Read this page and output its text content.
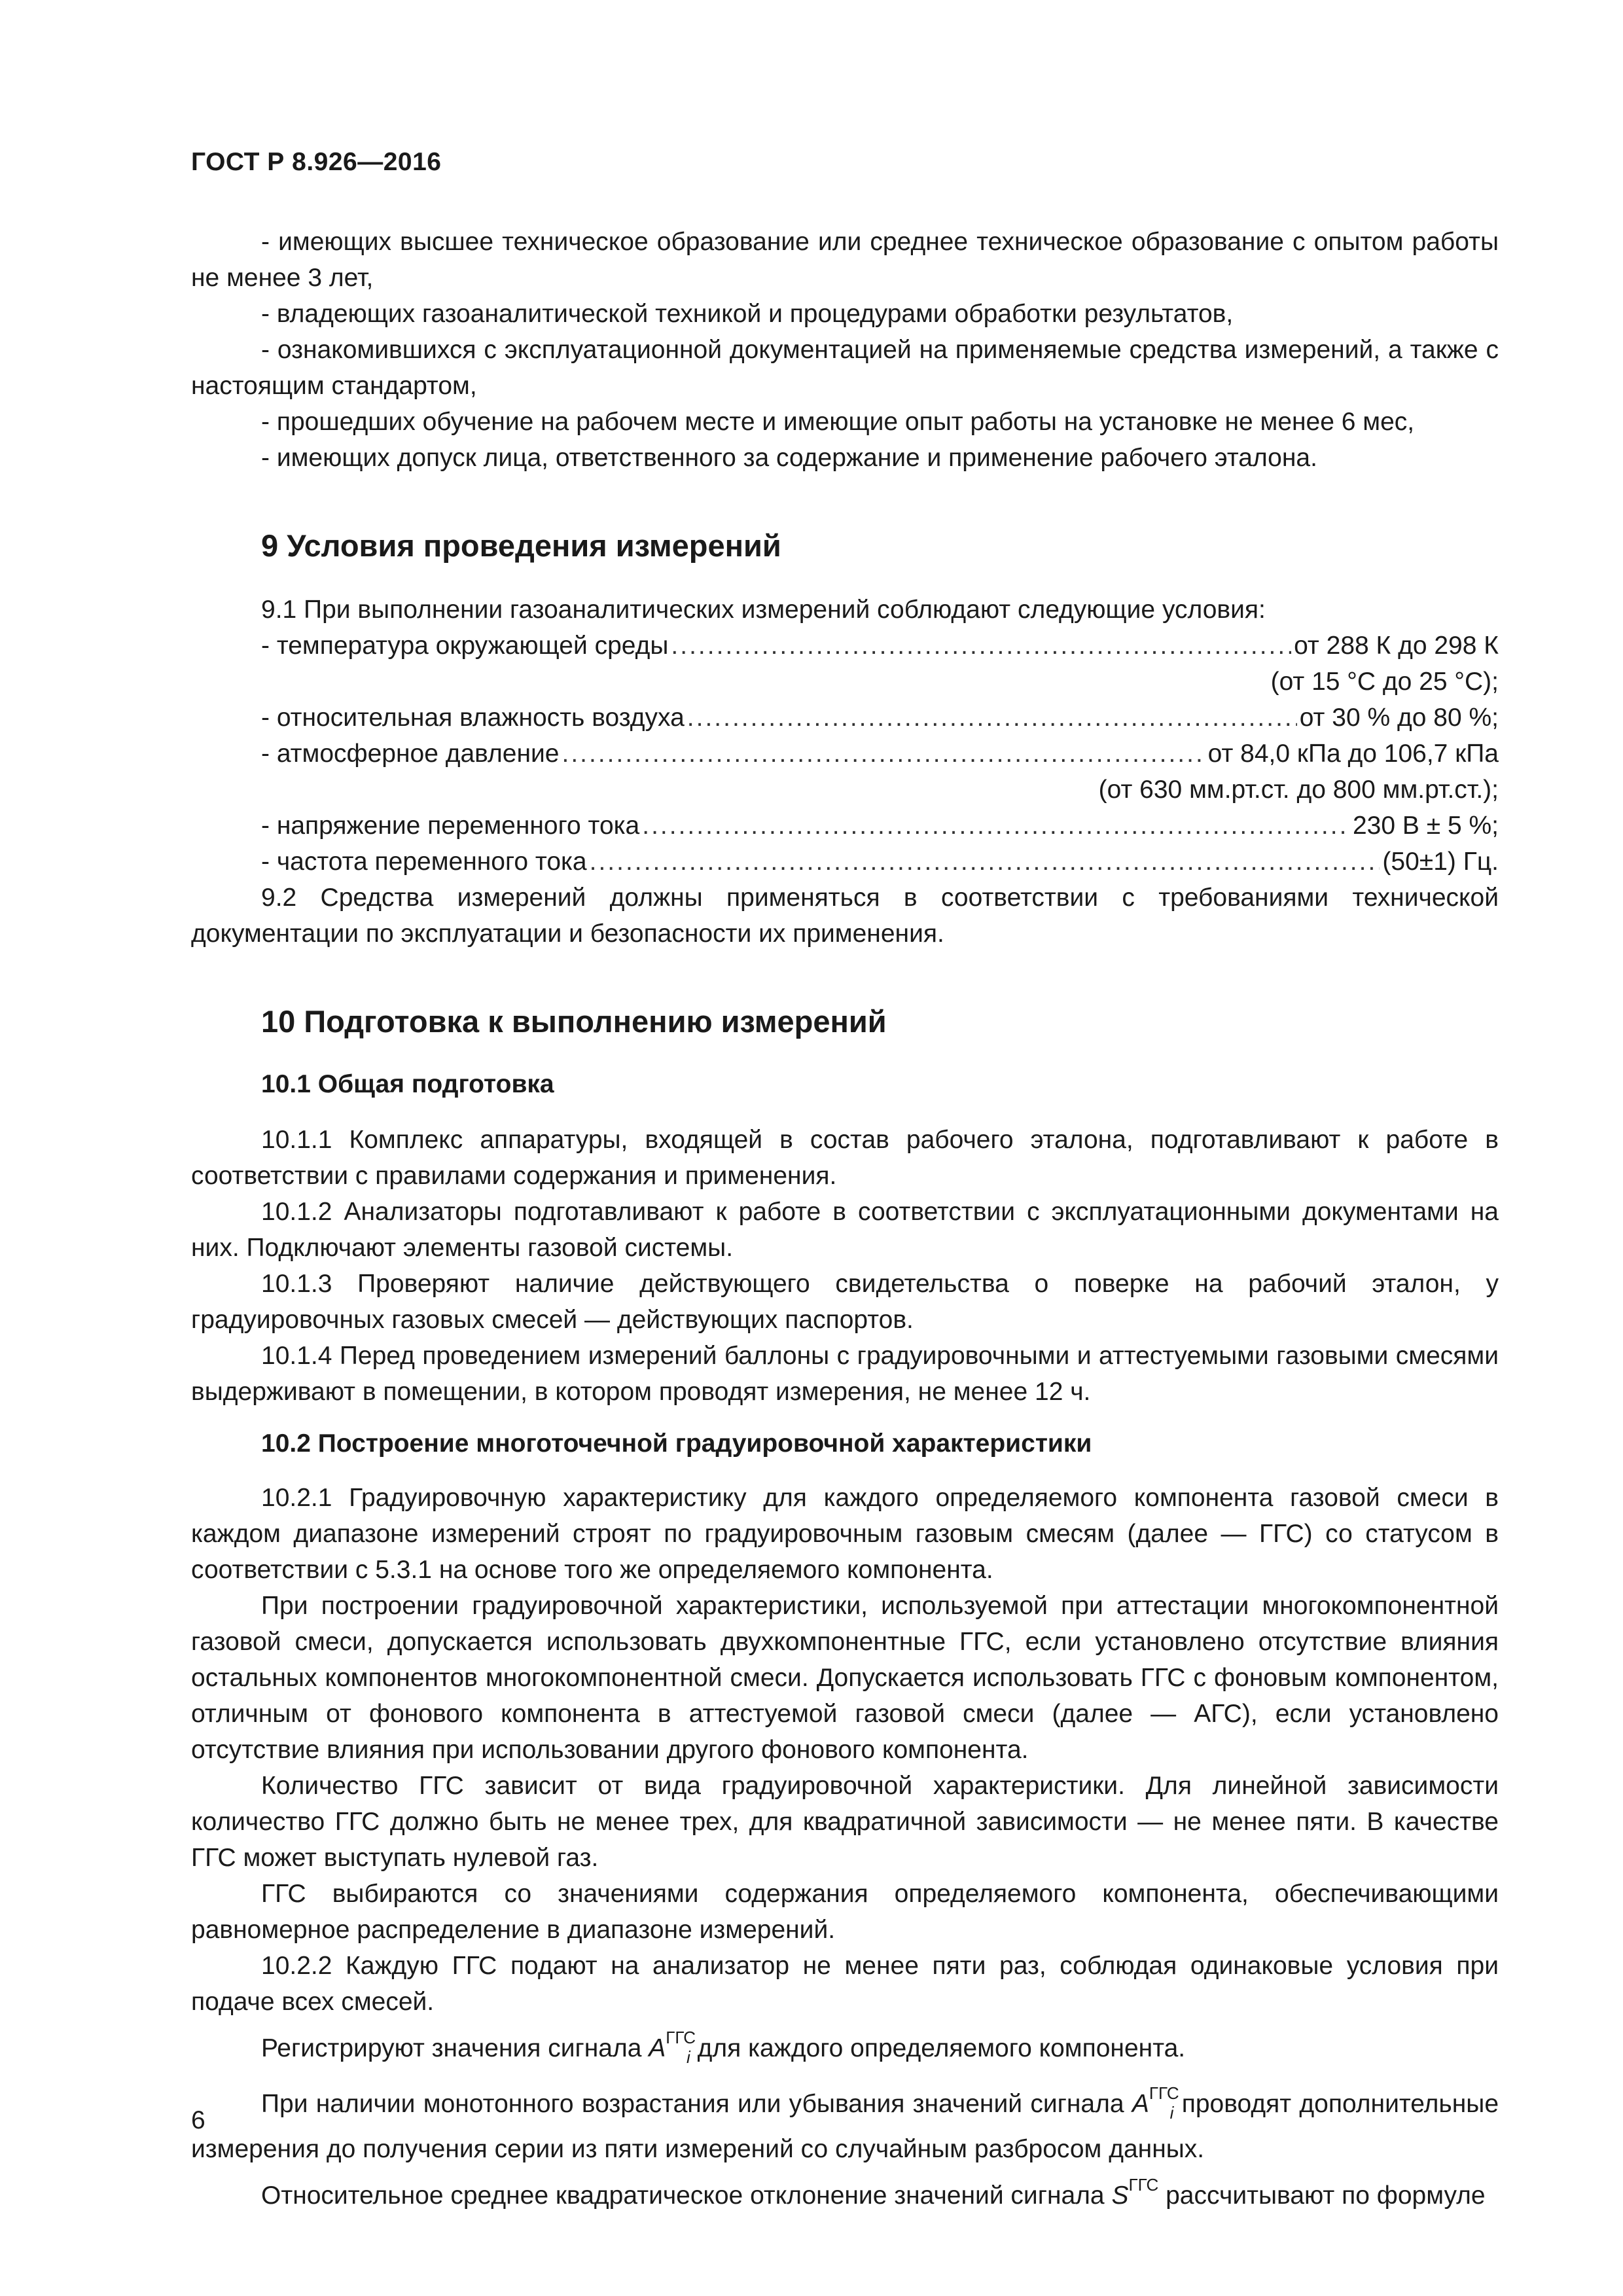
ГОСТ Р 8.926—2016

- имеющих высшее техническое образование или среднее техническое образование с опытом работы не менее 3 лет,

- владеющих газоаналитической техникой и процедурами обработки результатов,

- ознакомившихся с эксплуатационной документацией на применяемые средства измерений, а также с настоящим стандартом,

- прошедших обучение на рабочем месте и имеющие опыт работы на установке не менее 6 мес,

- имеющих допуск лица, ответственного за содержание и применение рабочего эталона.

9 Условия проведения измерений

9.1 При выполнении газоаналитических измерений соблюдают следующие условия:

- температура окружающей среды .....	от 288 К до 298 К

(от 15 °С до 25 °С);

- относительная влажность воздуха .....	от 30 % до 80 %;
- атмосферное давление .....	от 84,0 кПа до 106,7 кПа

(от 630 мм.рт.ст. до 800 мм.рт.ст.);

- напряжение переменного тока .....	230 В ± 5 %;
- частота переменного тока .....	(50±1) Гц.

9.2 Средства измерений должны применяться в соответствии с требованиями технической документации по эксплуатации и безопасности их применения.

10 Подготовка к выполнению измерений
10.1 Общая подготовка

10.1.1 Комплекс аппаратуры, входящей в состав рабочего эталона, подготавливают к работе в соответствии с правилами содержания и применения.

10.1.2 Анализаторы подготавливают к работе в соответствии с эксплуатационными документами на них. Подключают элементы газовой системы.

10.1.3 Проверяют наличие действующего свидетельства о поверке на рабочий эталон, у градуировочных газовых смесей — действующих паспортов.

10.1.4 Перед проведением измерений баллоны с градуировочными и аттестуемыми газовыми смесями выдерживают в помещении, в котором проводят измерения, не менее 12 ч.

10.2 Построение многоточечной градуировочной характеристики

10.2.1 Градуировочную характеристику для каждого определяемого компонента газовой смеси в каждом диапазоне измерений строят по градуировочным газовым смесям (далее — ГГС) со статусом в соответствии с 5.3.1 на основе того же определяемого компонента.

При построении градуировочной характеристики, используемой при аттестации многокомпонентной газовой смеси, допускается использовать двухкомпонентные ГГС, если установлено отсутствие влияния остальных компонентов многокомпонентной смеси. Допускается использовать ГГС с фоновым компонентом, отличным от фонового компонента в аттестуемой газовой смеси (далее — АГС), если установлено отсутствие влияния при использовании другого фонового компонента.

Количество ГГС зависит от вида градуировочной характеристики. Для линейной зависимости количество ГГС должно быть не менее трех, для квадратичной зависимости — не менее пяти. В качестве ГГС может выступать нулевой газ.

ГГС выбираются со значениями содержания определяемого компонента, обеспечивающими равномерное распределение в диапазоне измерений.

10.2.2 Каждую ГГС подают на анализатор не менее пяти раз, соблюдая одинаковые условия при подаче всех смесей.

Регистрируют значения сигнала $A^{ГГС}_i$ для каждого определяемого компонента.

При наличии монотонного возрастания или убывания значений сигнала $A^{ГГС}_i$ проводят дополнительные измерения до получения серии из пяти измерений со случайным разбросом данных.

Относительное среднее квадратическое отклонение значений сигнала $S^{ГГС}$ рассчитывают по формуле

6
